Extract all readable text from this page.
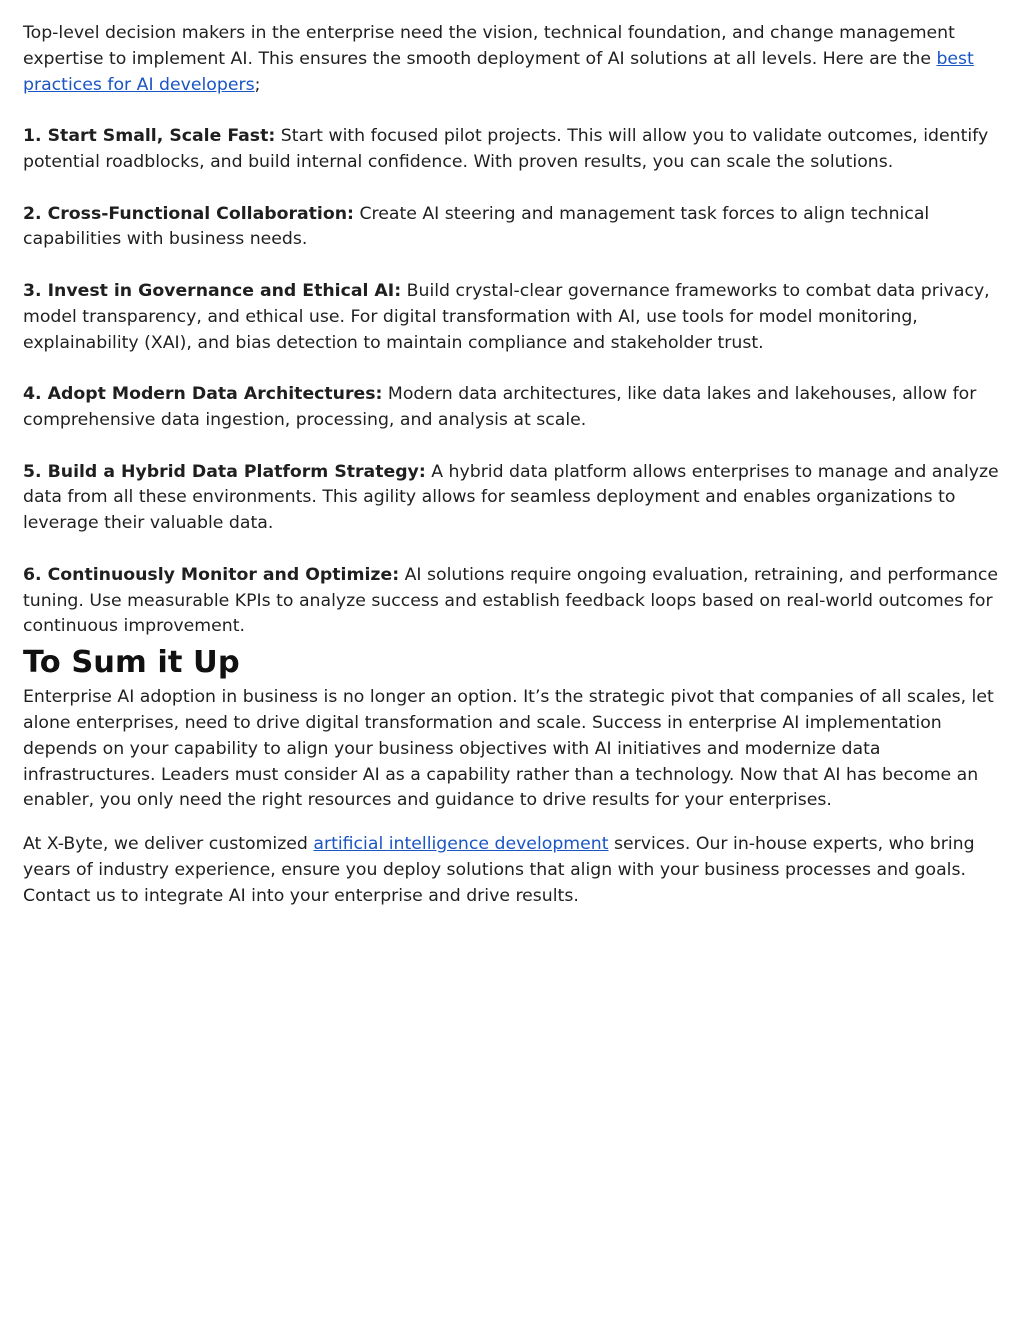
Top-level decision makers in the enterprise need the vision, technical foundation, and change management expertise to implement AI. This ensures the smooth deployment of AI solutions at all levels. Here are the best practices for AI developers;

1. Start Small, Scale Fast: Start with focused pilot projects. This will allow you to validate outcomes, identify potential roadblocks, and build internal confidence. With proven results, you can scale the solutions.

2. Cross-Functional Collaboration: Create AI steering and management task forces to align technical capabilities with business needs.

3. Invest in Governance and Ethical AI: Build crystal-clear governance frameworks to combat data privacy, model transparency, and ethical use. For digital transformation with AI, use tools for model monitoring, explainability (XAI), and bias detection to maintain compliance and stakeholder trust.

4. Adopt Modern Data Architectures: Modern data architectures, like data lakes and lakehouses, allow for comprehensive data ingestion, processing, and analysis at scale.

5. Build a Hybrid Data Platform Strategy: A hybrid data platform allows enterprises to manage and analyze data from all these environments. This agility allows for seamless deployment and enables organizations to leverage their valuable data.

6. Continuously Monitor and Optimize: AI solutions require ongoing evaluation, retraining, and performance tuning. Use measurable KPIs to analyze success and establish feedback loops based on real-world outcomes for continuous improvement.

To Sum it Up

Enterprise AI adoption in business is no longer an option. It’s the strategic pivot that companies of all scales, let alone enterprises, need to drive digital transformation and scale. Success in enterprise AI implementation depends on your capability to align your business objectives with AI initiatives and modernize data infrastructures. Leaders must consider AI as a capability rather than a technology. Now that AI has become an enabler, you only need the right resources and guidance to drive results for your enterprises.

At X-Byte, we deliver customized artificial intelligence development services. Our in-house experts, who bring years of industry experience, ensure you deploy solutions that align with your business processes and goals. Contact us to integrate AI into your enterprise and drive results.
